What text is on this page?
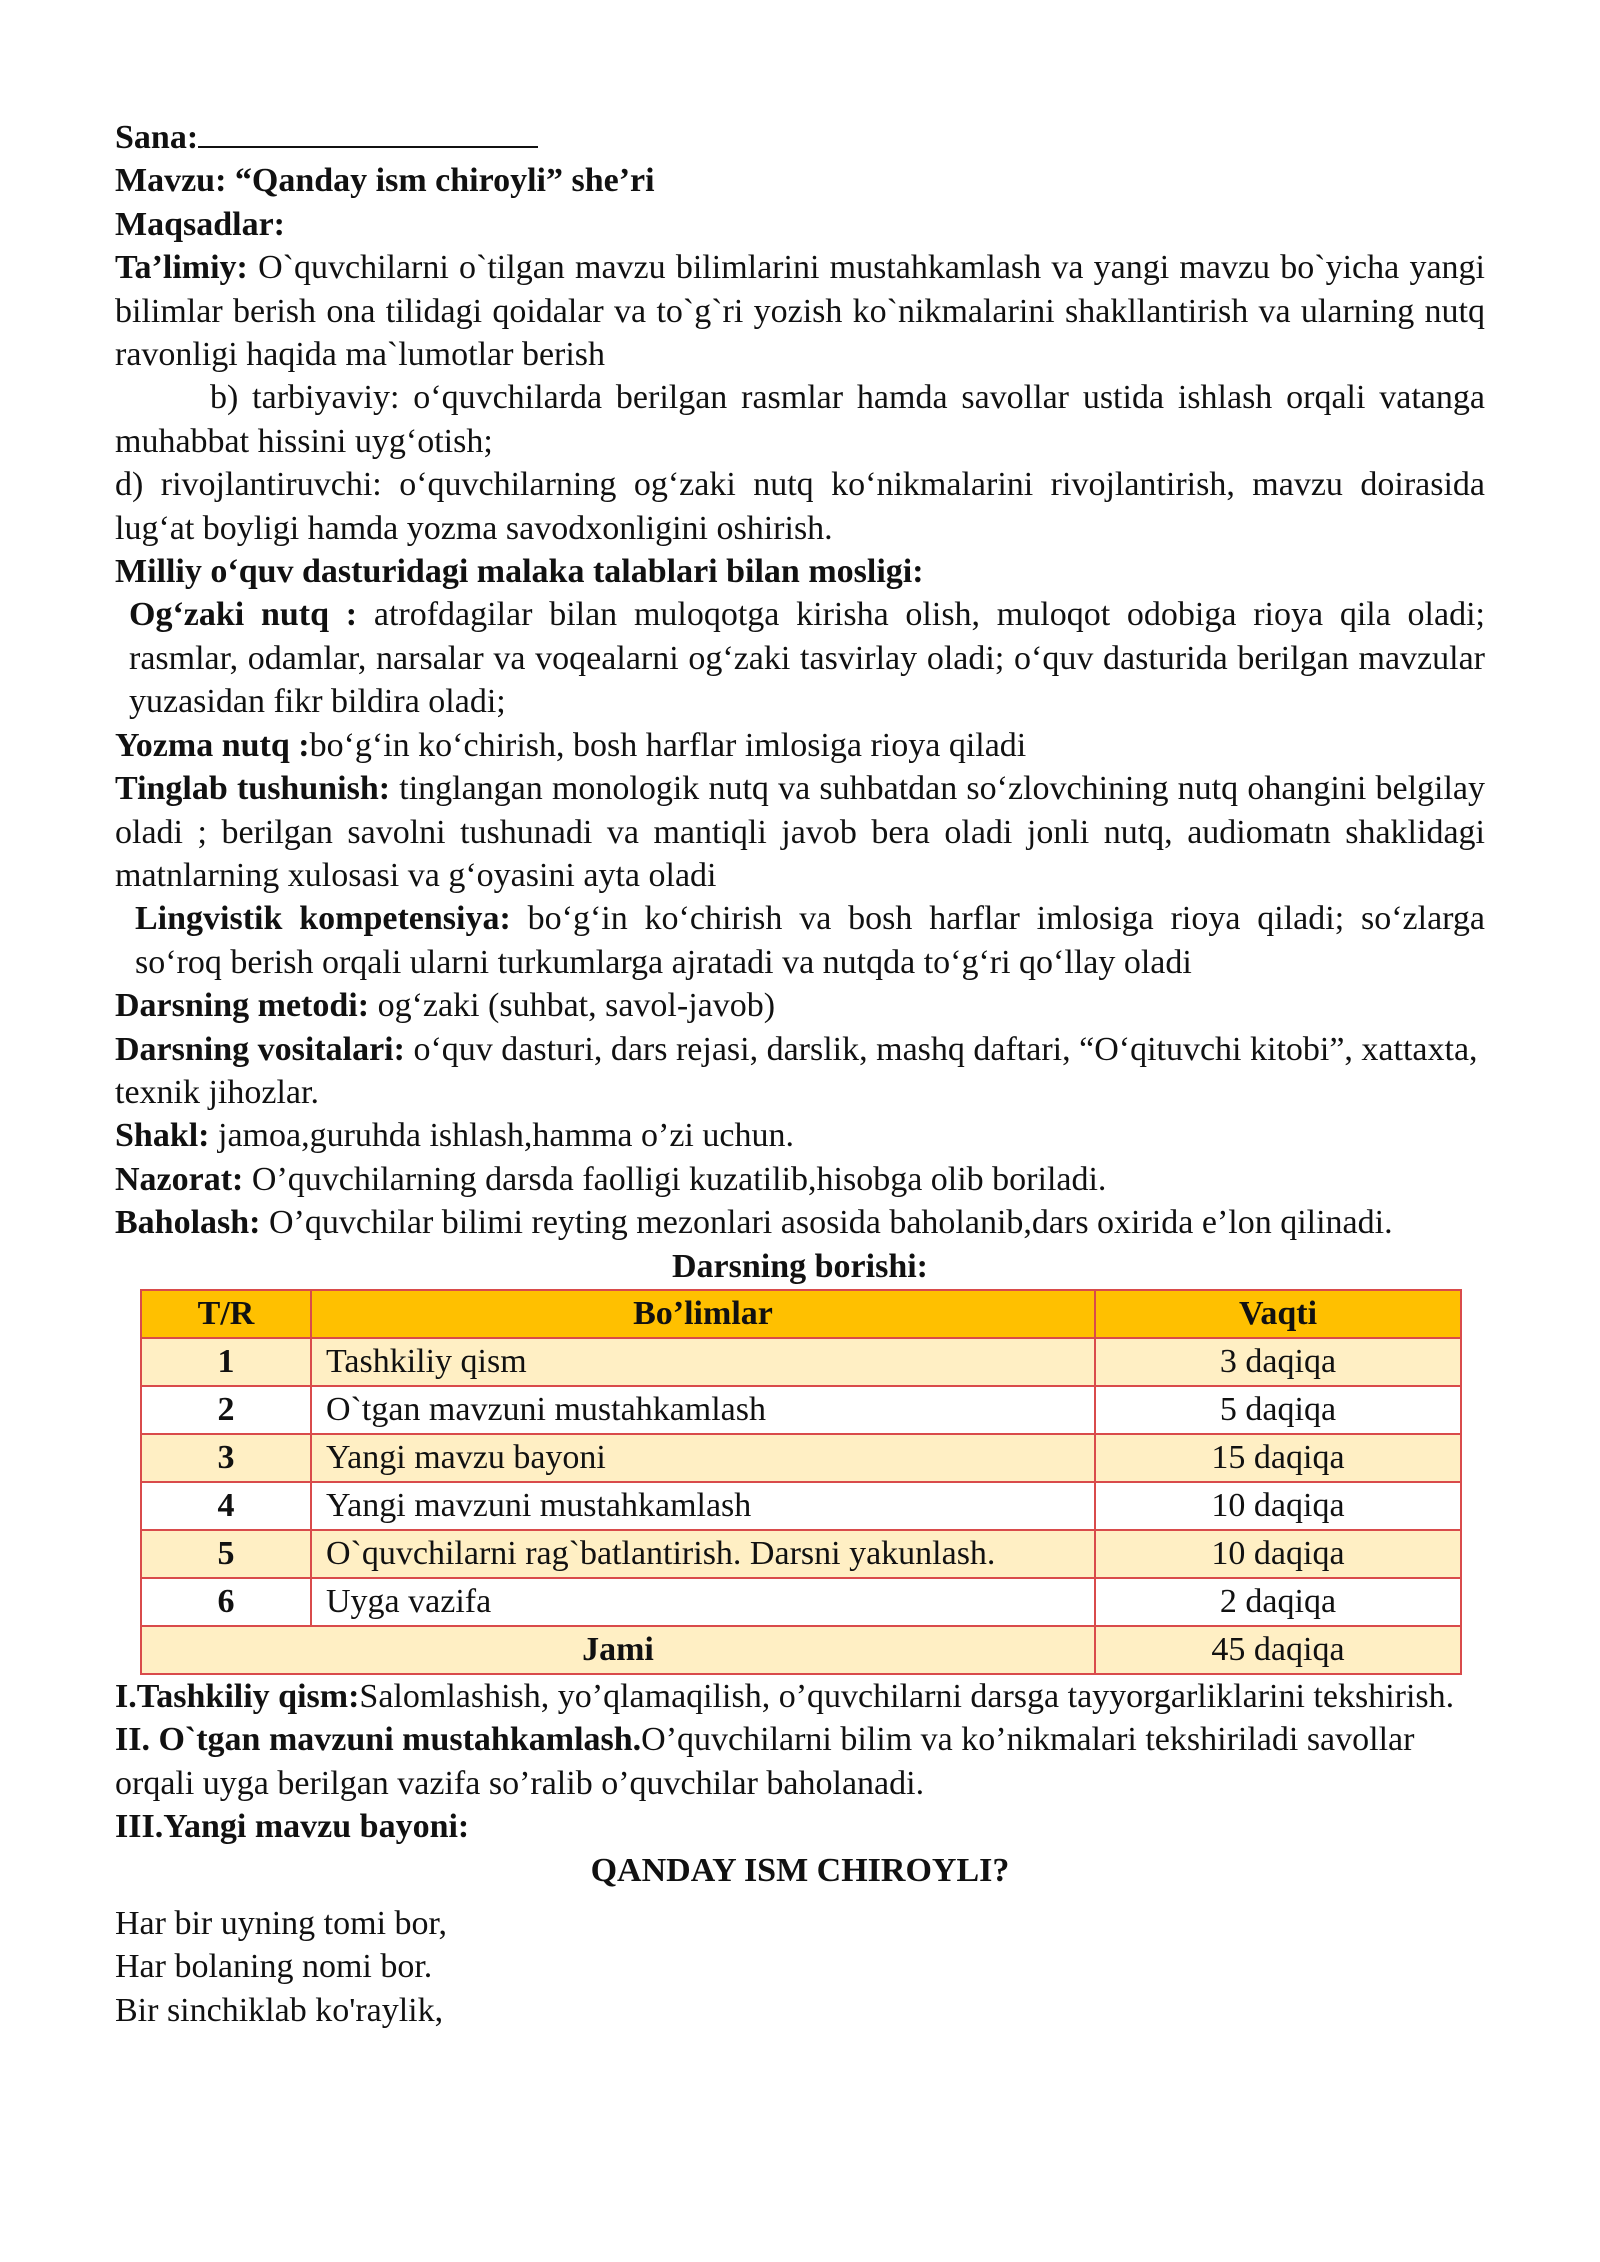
Sana:

Mavzu: “Qanday ism chiroyli” she’ri

Maqsadlar:

Ta’limiy: O`quvchilarni o`tilgan mavzu bilimlarini mustahkamlash va yangi mavzu bo`yicha yangi bilimlar berish ona tilidagi qoidalar va to`g`ri yozish ko`nikmalarini shakllantirish va ularning nutq ravonligi haqida ma`lumotlar berish

b) tarbiyaviy: o‘quvchilarda berilgan rasmlar hamda savollar ustida ishlash orqali vatanga muhabbat hissini uyg‘otish;

d) rivojlantiruvchi: o‘quvchilarning og‘zaki nutq ko‘nikmalarini rivojlantirish, mavzu doirasida lug‘at boyligi hamda yozma savodxonligini oshirish.

Milliy o‘quv dasturidagi malaka talablari bilan mosligi:

Og‘zaki nutq : atrofdagilar bilan muloqotga kirisha olish, muloqot odobiga rioya qila oladi; rasmlar, odamlar, narsalar va voqealarni og‘zaki tasvirlay oladi; o‘quv dasturida berilgan mavzular yuzasidan fikr bildira oladi;

Yozma nutq :bo‘g‘in ko‘chirish, bosh harflar imlosiga rioya qiladi

Tinglab tushunish: tinglangan monologik nutq va suhbatdan so‘zlovchining nutq ohangini belgilay oladi ; berilgan savolni tushunadi va mantiqli javob bera oladi jonli nutq, audiomatn shaklidagi matnlarning xulosasi va g‘oyasini ayta oladi

Lingvistik kompetensiya: bo‘g‘in ko‘chirish va bosh harflar imlosiga rioya qiladi; so‘zlarga so‘roq berish orqali ularni turkumlarga ajratadi va nutqda to‘g‘ri qo‘llay oladi

Darsning metodi: og‘zaki (suhbat, savol-javob)

Darsning vositalari: o‘quv dasturi, dars rejasi, darslik, mashq daftari, “O‘qituvchi kitobi”, xattaxta, texnik jihozlar.

Shakl: jamoa,guruhda ishlash,hamma o’zi uchun.

Nazorat: O’quvchilarning darsda faolligi kuzatilib,hisobga olib boriladi.

Baholash: O’quvchilar bilimi reyting mezonlari asosida baholanib,dars oxirida e’lon qilinadi.

Darsning borishi:

T/R	Bo’limlar	Vaqti
1	Tashkiliy qism	3 daqiqa
2	O`tgan mavzuni mustahkamlash	5 daqiqa
3	Yangi mavzu bayoni	15 daqiqa
4	Yangi mavzuni mustahkamlash	10 daqiqa
5	O`quvchilarni rag`batlantirish. Darsni yakunlash.	10 daqiqa
6	Uyga vazifa	2 daqiqa
Jami		45 daqiqa

I.Tashkiliy qism:Salomlashish, yo’qlamaqilish, o’quvchilarni darsga tayyorgarliklarini tekshirish.

II. O`tgan mavzuni mustahkamlash.O’quvchilarni bilim va ko’nikmalari tekshiriladi savollar orqali uyga berilgan vazifa so’ralib o’quvchilar baholanadi.

III.Yangi mavzu bayoni:

QANDAY ISM CHIROYLI?

Har bir uyning tomi bor,

Har bolaning nomi bor.

Bir sinchiklab ko'raylik,
